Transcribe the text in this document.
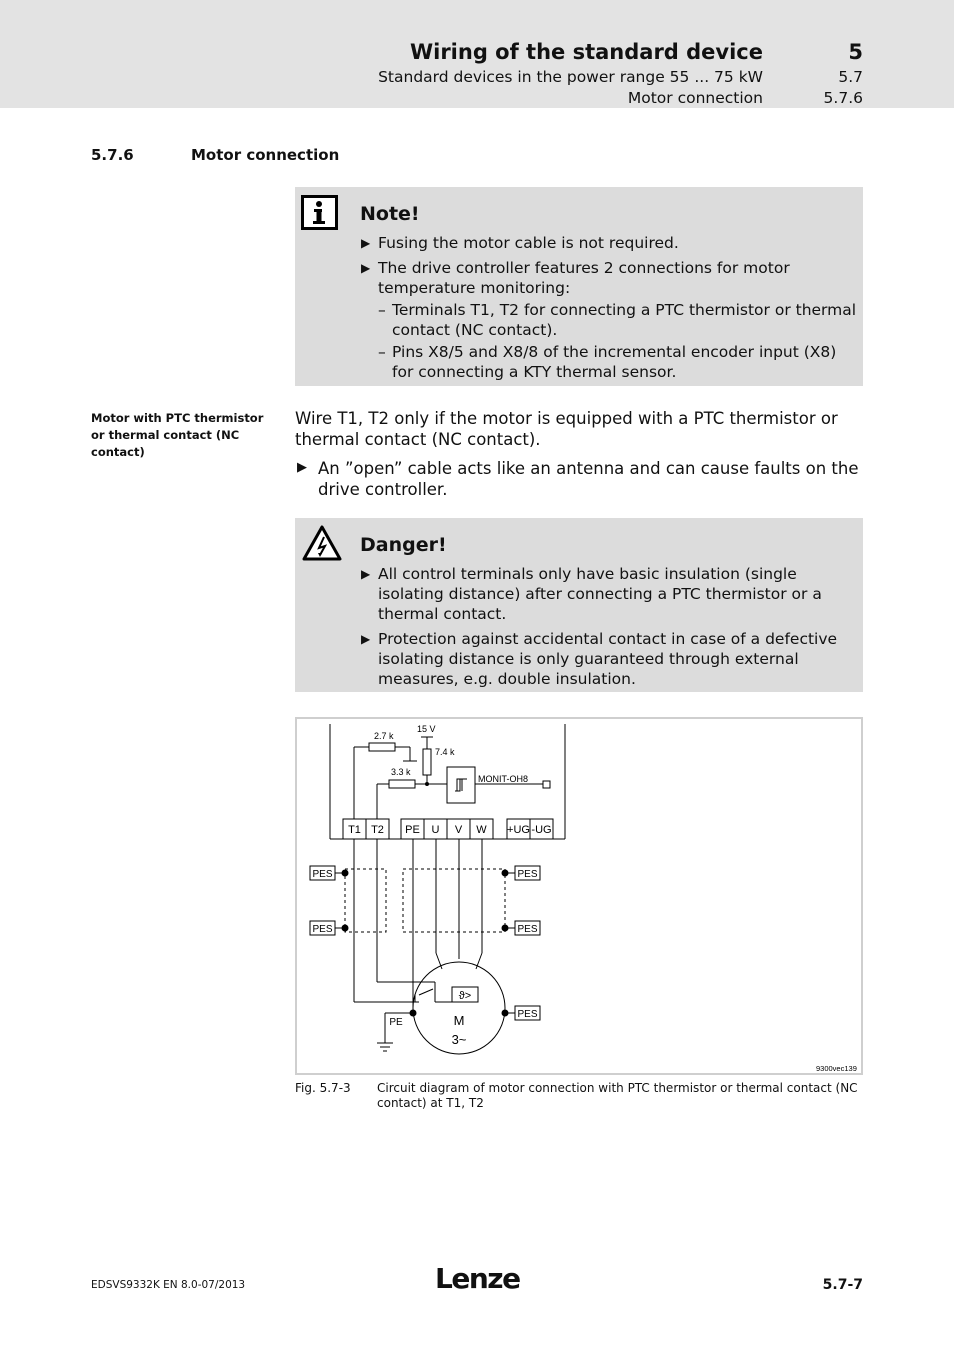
Wiring of the standard device	5
Standard devices in the power range 55 ... 75 kW	5.7
Motor connection	5.7.6
5.7.6	Motor connection
Note!
▶ Fusing the motor cable is not required.
▶ The drive controller features 2 connections for motor temperature monitoring:
– Terminals T1, T2 for connecting a PTC thermistor or thermal contact (NC contact).
– Pins X8/5 and X8/8 of the incremental encoder input (X8) for connecting a KTY thermal sensor.
Motor with PTC thermistor or thermal contact (NC contact)
Wire T1, T2 only if the motor is equipped with a PTC thermistor or thermal contact (NC contact).
▶ An ”open” cable acts like an antenna and can cause faults on the drive controller.
Danger!
▶ All control terminals only have basic insulation (single isolating distance) after connecting a PTC thermistor or a thermal contact.
▶ Protection against accidental contact in case of a defective isolating distance is only guaranteed through external measures, e.g. double insulation.
2.7 k
15 V
7.4 k
3.3 k
MONIT-OH8
T1 T2 PE U V W +UG -UG
PES
PES
PES
PES
PES
PE
ϑ>
M
3~
9300vec139
Fig. 5.7-3 Circuit diagram of motor connection with PTC thermistor or thermal contact (NC contact) at T1, T2
EDSVS9332K EN 8.0-07/2013	Lenze	5.7-7
